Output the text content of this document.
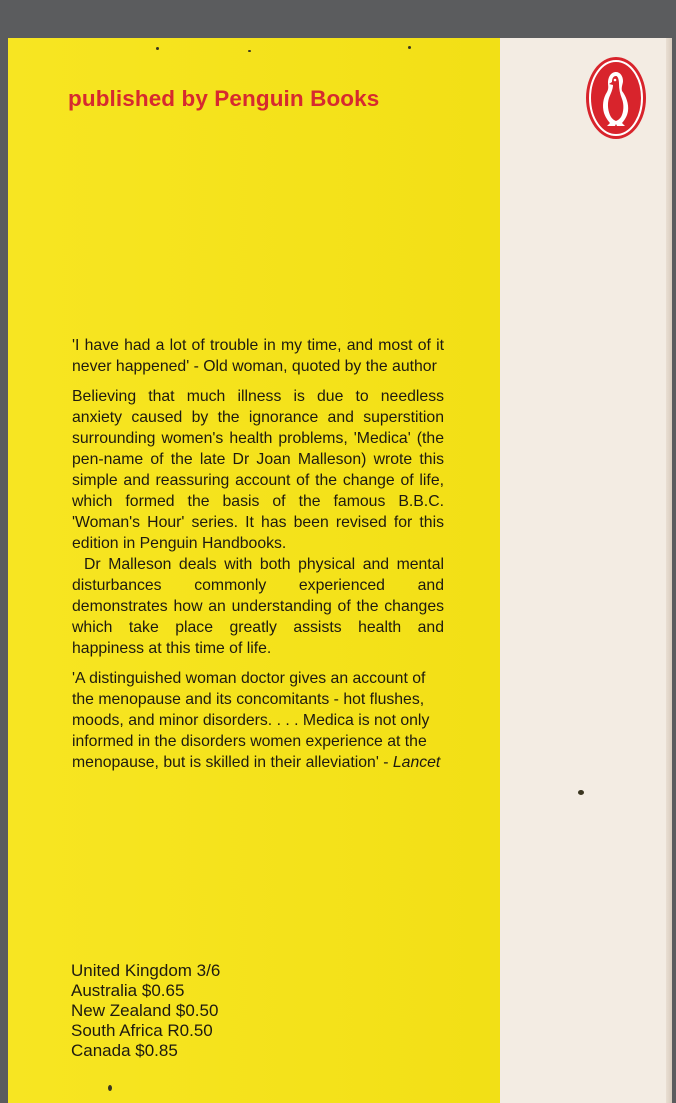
published by Penguin Books

'I have had a lot of trouble in my time, and most of it never happened' - Old woman, quoted by the author

Believing that much illness is due to needless anxiety caused by the ignorance and superstition surrounding women's health problems, 'Medica' (the pen-name of the late Dr Joan Malleson) wrote this simple and reassuring account of the change of life, which formed the basis of the famous B.B.C. 'Woman's Hour' series. It has been revised for this edition in Penguin Handbooks.

Dr Malleson deals with both physical and mental disturbances commonly experienced and demonstrates how an understanding of the changes which take place greatly assists health and happiness at this time of life.

'A distinguished woman doctor gives an account of the menopause and its concomitants - hot flushes, moods, and minor disorders. . . . Medica is not only informed in the disorders women experience at the menopause, but is skilled in their alleviation' - Lancet

United Kingdom 3/6
Australia $0.65
New Zealand $0.50
South Africa R0.50
Canada $0.85
